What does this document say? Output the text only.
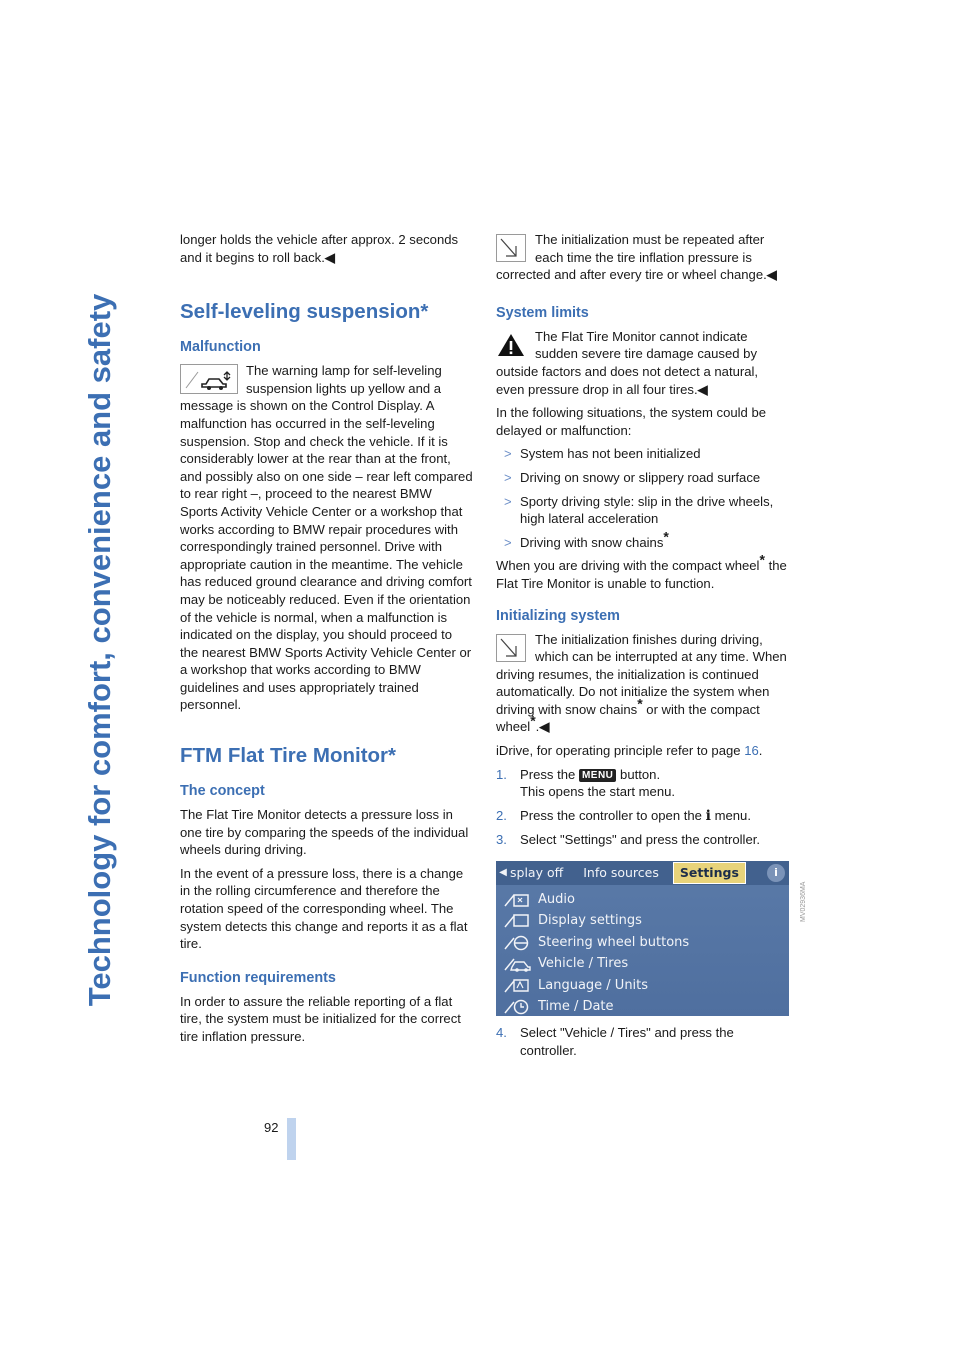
Technology for comfort, convenience and safety

longer holds the vehicle after approx. 2 seconds and it begins to roll back.◀

Self-leveling suspension*
Malfunction

The warning lamp for self-leveling suspension lights up yellow and a message is shown on the Control Display. A malfunction has occurred in the self-leveling suspension. Stop and check the vehicle. If it is considerably lower at the rear than at the front, and possibly also on one side – rear left compared to rear right –, proceed to the nearest BMW Sports Activity Vehicle Center or a workshop that works according to BMW repair procedures with correspondingly trained personnel. Drive with appropriate caution in the meantime. The vehicle has reduced ground clearance and driving comfort may be noticeably reduced. Even if the orientation of the vehicle is normal, when a malfunction is indicated on the display, you should proceed to the nearest BMW Sports Activity Vehicle Center or a workshop that works according to BMW guidelines and uses appropriately trained personnel.

FTM Flat Tire Monitor*
The concept

The Flat Tire Monitor detects a pressure loss in one tire by comparing the speeds of the individual wheels during driving.

In the event of a pressure loss, there is a change in the rolling circumference and therefore the rotation speed of the corresponding wheel. The system detects this change and reports it as a flat tire.

Function requirements

In order to assure the reliable reporting of a flat tire, the system must be initialized for the correct tire inflation pressure.

The initialization must be repeated after each time the tire inflation pressure is corrected and after every tire or wheel change.◀

System limits

The Flat Tire Monitor cannot indicate sudden severe tire damage caused by outside factors and does not detect a natural, even pressure drop in all four tires.◀

In the following situations, the system could be delayed or malfunction:

> System has not been initialized
> Driving on snowy or slippery road surface
> Sporty driving style: slip in the drive wheels, high lateral acceleration
> Driving with snow chains*

When you are driving with the compact wheel* the Flat Tire Monitor is unable to function.

Initializing system

The initialization finishes during driving, which can be interrupted at any time. When driving resumes, the initialization is continued automatically. Do not initialize the system when driving with snow chains* or with the compact wheel*.◀

iDrive, for operating principle refer to page 16.

1. Press the MENU button.
This opens the start menu.
2. Press the controller to open the i menu.
3. Select "Settings" and press the controller.
◀ splay off Info sources	Settings	i
Audio
Display settings
Steering wheel buttons
Vehicle / Tires
Language / Units
Time / Date
4. Select "Vehicle / Tires" and press the controller.
MV02936MA
92
